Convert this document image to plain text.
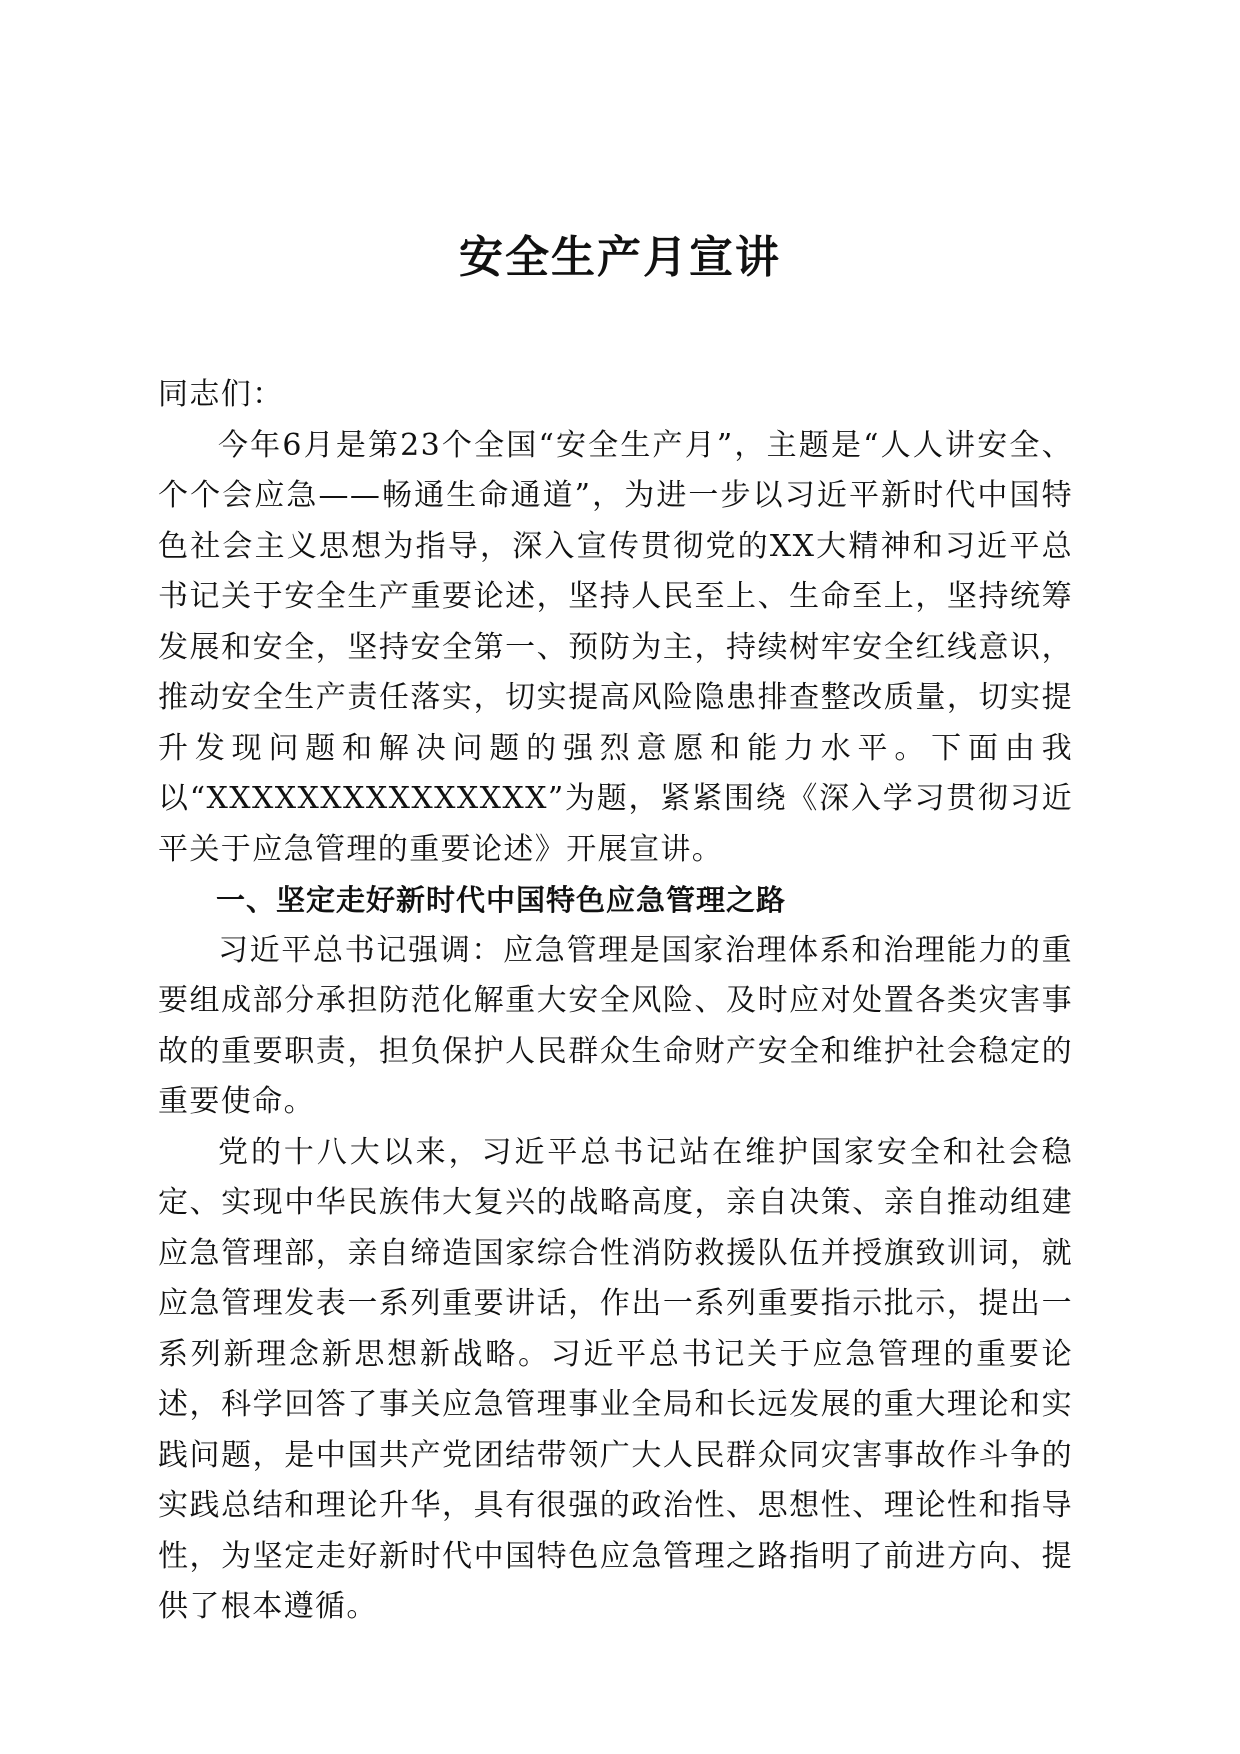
安全生产月宣讲

同志们：

今年6月是第23个全国“安全生产月”，主题是“人人讲安全、个个会应急——畅通生命通道”，为进一步以习近平新时代中国特色社会主义思想为指导，深入宣传贯彻党的XX大精神和习近平总书记关于安全生产重要论述，坚持人民至上、生命至上，坚持统筹发展和安全，坚持安全第一、预防为主，持续树牢安全红线意识，推动安全生产责任落实，切实提高风险隐患排查整改质量，切实提升发现问题和解决问题的强烈意愿和能力水平。下面由我以“XXXXXXXXXXXXXXX”为题，紧紧围绕《深入学习贯彻习近平关于应急管理的重要论述》开展宣讲。

一、坚定走好新时代中国特色应急管理之路

习近平总书记强调：应急管理是国家治理体系和治理能力的重要组成部分承担防范化解重大安全风险、及时应对处置各类灾害事故的重要职责，担负保护人民群众生命财产安全和维护社会稳定的重要使命。

党的十八大以来，习近平总书记站在维护国家安全和社会稳定、实现中华民族伟大复兴的战略高度，亲自决策、亲自推动组建应急管理部，亲自缔造国家综合性消防救援队伍并授旗致训词，就应急管理发表一系列重要讲话，作出一系列重要指示批示，提出一系列新理念新思想新战略。习近平总书记关于应急管理的重要论述，科学回答了事关应急管理事业全局和长远发展的重大理论和实践问题，是中国共产党团结带领广大人民群众同灾害事故作斗争的实践总结和理论升华，具有很强的政治性、思想性、理论性和指导性，为坚定走好新时代中国特色应急管理之路指明了前进方向、提供了根本遵循。
